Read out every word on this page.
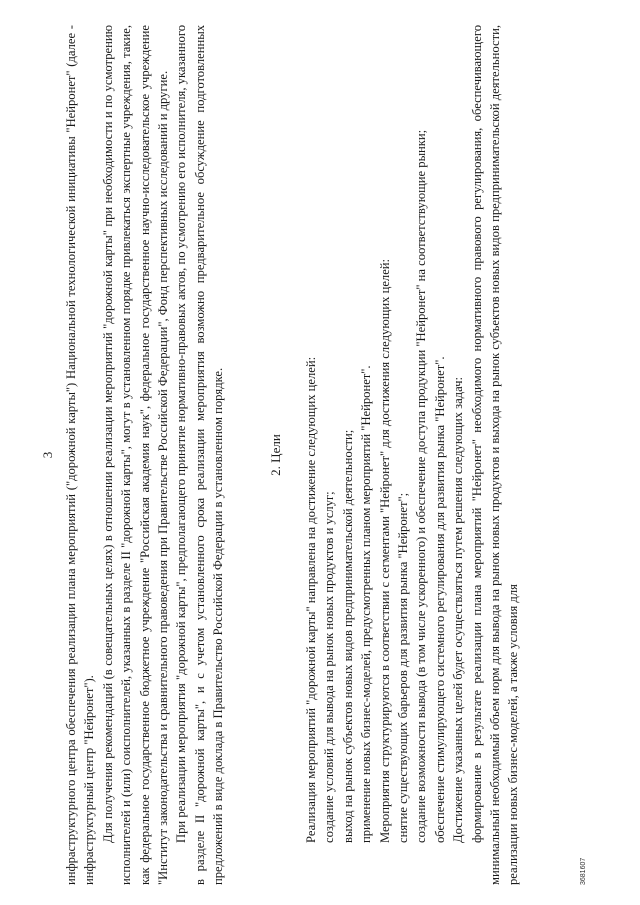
3 инфраструктурного центра обеспечения реализации плана мероприятий ("дорожной карты") Национальной технологической инициативы "Нейронет" (далее - инфраструктурный центр "Нейронет"). Для получения рекомендаций (в совещательных целях) в отношении реализации мероприятий "дорожной карты" при необходимости и по усмотрению исполнителей и (или) соисполнителей, указанных в разделе II "дорожной карты", могут в установленном порядке привлекаться экспертные учреждения, такие, как федеральное государственное бюджетное учреждение "Российская академия наук", федеральное государственное научно-исследовательское учреждение "Институт законодательства и сравнительного правоведения при Правительстве Российской Федерации", Фонд перспективных исследований и другие. При реализации мероприятия "дорожной карты", предполагающего принятие нормативно-правовых актов, по усмотрению его исполнителя, указанного в разделе II "дорожной карты", и с учетом установленного срока реализации мероприятия возможно предварительное обсуждение подготовленных предложений в виде доклада в Правительство Российской Федерации в установленном порядке.	2. Цели Реализация мероприятий "дорожной карты" направлена на достижение следующих целей: создание условий для вывода на рынок новых продуктов и услуг; выход на рынок субъектов новых видов предпринимательской деятельности; применение новых бизнес-моделей, предусмотренных планом мероприятий "Нейронет". Мероприятия структурируются в соответствии с сегментами "Нейронет" для достижения следующих целей: снятие существующих барьеров для развития рынка "Нейронет"; создание возможности вывода (в том числе ускоренного) и обеспечение доступа продукции "Нейронет" на соответствующие рынки; обеспечение стимулирующего системного регулирования для развития рынка "Нейронет". Достижение указанных целей будет осуществляться путем решения следующих задач: формирование в результате реализации плана мероприятий "Нейронет" необходимого нормативного правового регулирования, обеспечивающего минимальный необходимый объем норм для вывода на рынок новых продуктов и выхода на рынок субъектов новых видов предпринимательской деятельности, реализации новых бизнес-моделей, а также условия для	3681607
